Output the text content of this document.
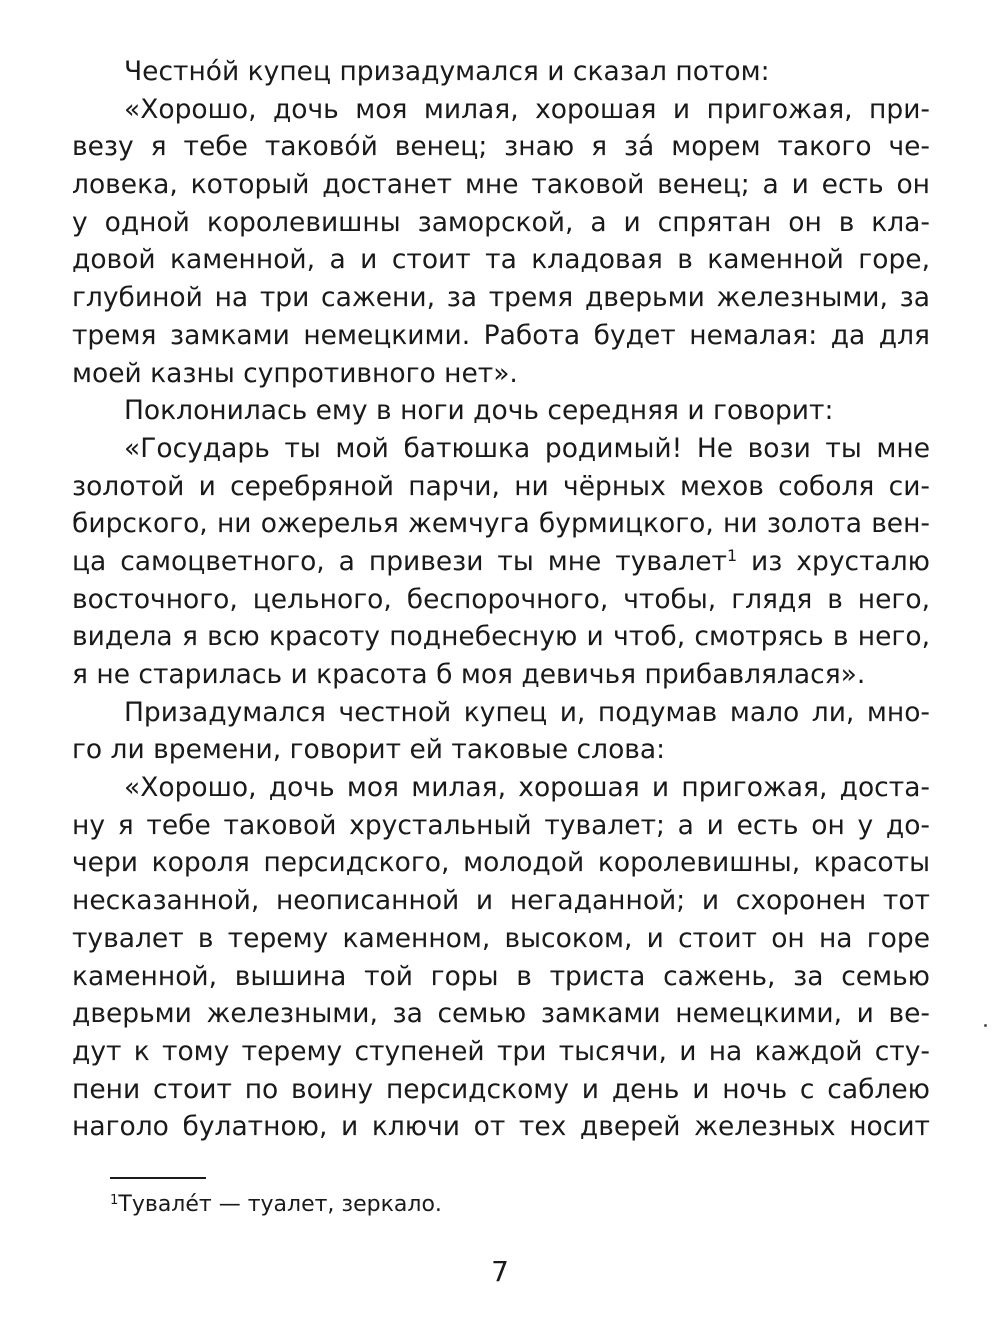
Честнóй купец призадумался и сказал потом:
«Хорошо, дочь моя милая, хорошая и пригожая, при-
везу я тебе таковóй венец; знаю я зá морем такого че-
ловека, который достанет мне таковой венец; а и есть он
у одной королевишны заморской, а и спрятан он в кла-
довой каменной, а и стоит та кладовая в каменной горе,
глубиной на три сажени, за тремя дверьми железными, за
тремя замками немецкими. Работа будет немалая: да для
моей казны супротивного нет».
Поклонилась ему в ноги дочь середняя и говорит:
«Государь ты мой батюшка родимый! Не вози ты мне
золотой и серебряной парчи, ни чёрных мехов соболя си-
бирского, ни ожерелья жемчуга бурмицкого, ни золота вен-
ца самоцветного, а привези ты мне тувалет$^1$ из хрусталю
восточного, цельного, беспорочного, чтобы, глядя в него,
видела я всю красоту поднебесную и чтоб, смотрясь в него,
я не старилась и красота б моя девичья прибавлялася».
Призадумался честной купец и, подумав мало ли, мно-
го ли времени, говорит ей таковые слова:
«Хорошо, дочь моя милая, хорошая и пригожая, доста-
ну я тебе таковой хрустальный тувалет; а и есть он у до-
чери короля персидского, молодой королевишны, красоты
несказанной, неописанной и негаданной; и схоронен тот
тувалет в терему каменном, высоком, и стоит он на горе
каменной, вышина той горы в триста сажень, за семью
дверьми железными, за семью замками немецкими, и ве-
дут к тому терему ступеней три тысячи, и на каждой сту-
пени стоит по воину персидскому и день и ночь с саблею
наголо булатною, и ключи от тех дверей железных носит
$^1$Тувалéт — туалет, зеркало.
7
